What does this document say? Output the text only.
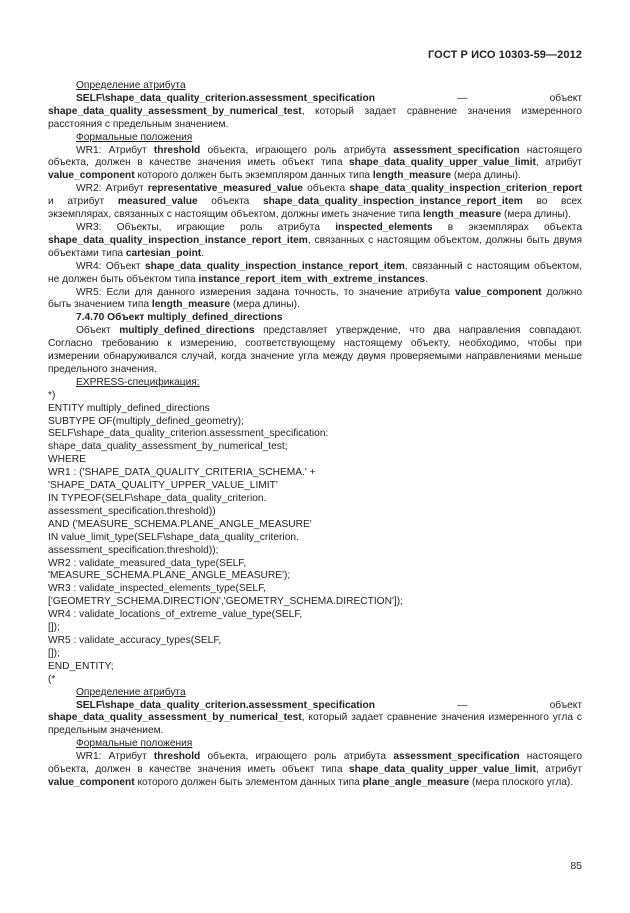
ГОСТ Р ИСО 10303-59—2012

Определение атрибута

SELF\shape_data_quality_criterion.assessment_specification — объект shape_data_quality_assessment_by_numerical_test, который задает сравнение значения измеренного расстояния с предельным значением.

Формальные положения

WR1: Атрибут threshold объекта, играющего роль атрибута assessment_specification настоящего объекта, должен в качестве значения иметь объект типа shape_data_quality_upper_value_limit, атрибут value_component которого должен быть экземпляром данных типа length_measure (мера длины).

WR2: Атрибут representative_measured_value объекта shape_data_quality_inspection_criterion_report и атрибут measured_value объекта shape_data_quality_inspection_instance_report_item во всех экземплярах, связанных с настоящим объектом, должны иметь значение типа length_measure (мера длины).

WR3: Объекты, играющие роль атрибута inspected_elements в экземплярах объекта shape_data_quality_inspection_instance_report_item, связанных с настоящим объектом, должны быть двумя объектами типа cartesian_point.

WR4: Объект shape_data_quality_inspection_instance_report_item, связанный с настоящим объектом, не должен быть объектом типа instance_report_item_with_extreme_instances.

WR5: Если для данного измерения задана точность, то значение атрибута value_component должно быть значением типа length_measure (мера длины).

7.4.70 Объект multiply_defined_directions

Объект multiply_defined_directions представляет утверждение, что два направления совпадают. Согласно требованию к измерению, соответствующему настоящему объекту, необходимо, чтобы при измерении обнаруживался случай, когда значение угла между двумя проверяемыми направлениями меньше предельного значения.

EXPRESS-спецификация:

*)
ENTITY multiply_defined_directions
SUBTYPE OF(multiply_defined_geometry);
SELF\shape_data_quality_criterion.assessment_specification:
shape_data_quality_assessment_by_numerical_test;
WHERE
WR1 : ('SHAPE_DATA_QUALITY_CRITERIA_SCHEMA.' +
'SHAPE_DATA_QUALITY_UPPER_VALUE_LIMIT'
IN TYPEOF(SELF\shape_data_quality_criterion.
assessment_specification.threshold))
AND ('MEASURE_SCHEMA.PLANE_ANGLE_MEASURE'
IN value_limit_type(SELF\shape_data_quality_criterion.
assessment_specification.threshold));
WR2 : validate_measured_data_type(SELF,
'MEASURE_SCHEMA.PLANE_ANGLE_MEASURE');
WR3 : validate_inspected_elements_type(SELF,
['GEOMETRY_SCHEMA.DIRECTION','GEOMETRY_SCHEMA.DIRECTION']);
WR4 : validate_locations_of_extreme_value_type(SELF,
[]);
WR5 : validate_accuracy_types(SELF,
[]);
END_ENTITY;
(*

Определение атрибута

SELF\shape_data_quality_criterion.assessment_specification — объект shape_data_quality_assessment_by_numerical_test, который задает сравнение значения измеренного угла с предельным значением.

Формальные положения

WR1: Атрибут threshold объекта, играющего роль атрибута assessment_specification настоящего объекта, должен в качестве значения иметь объект типа shape_data_quality_upper_value_limit, атрибут value_component которого должен быть элементом данных типа plane_angle_measure (мера плоского угла).

85
